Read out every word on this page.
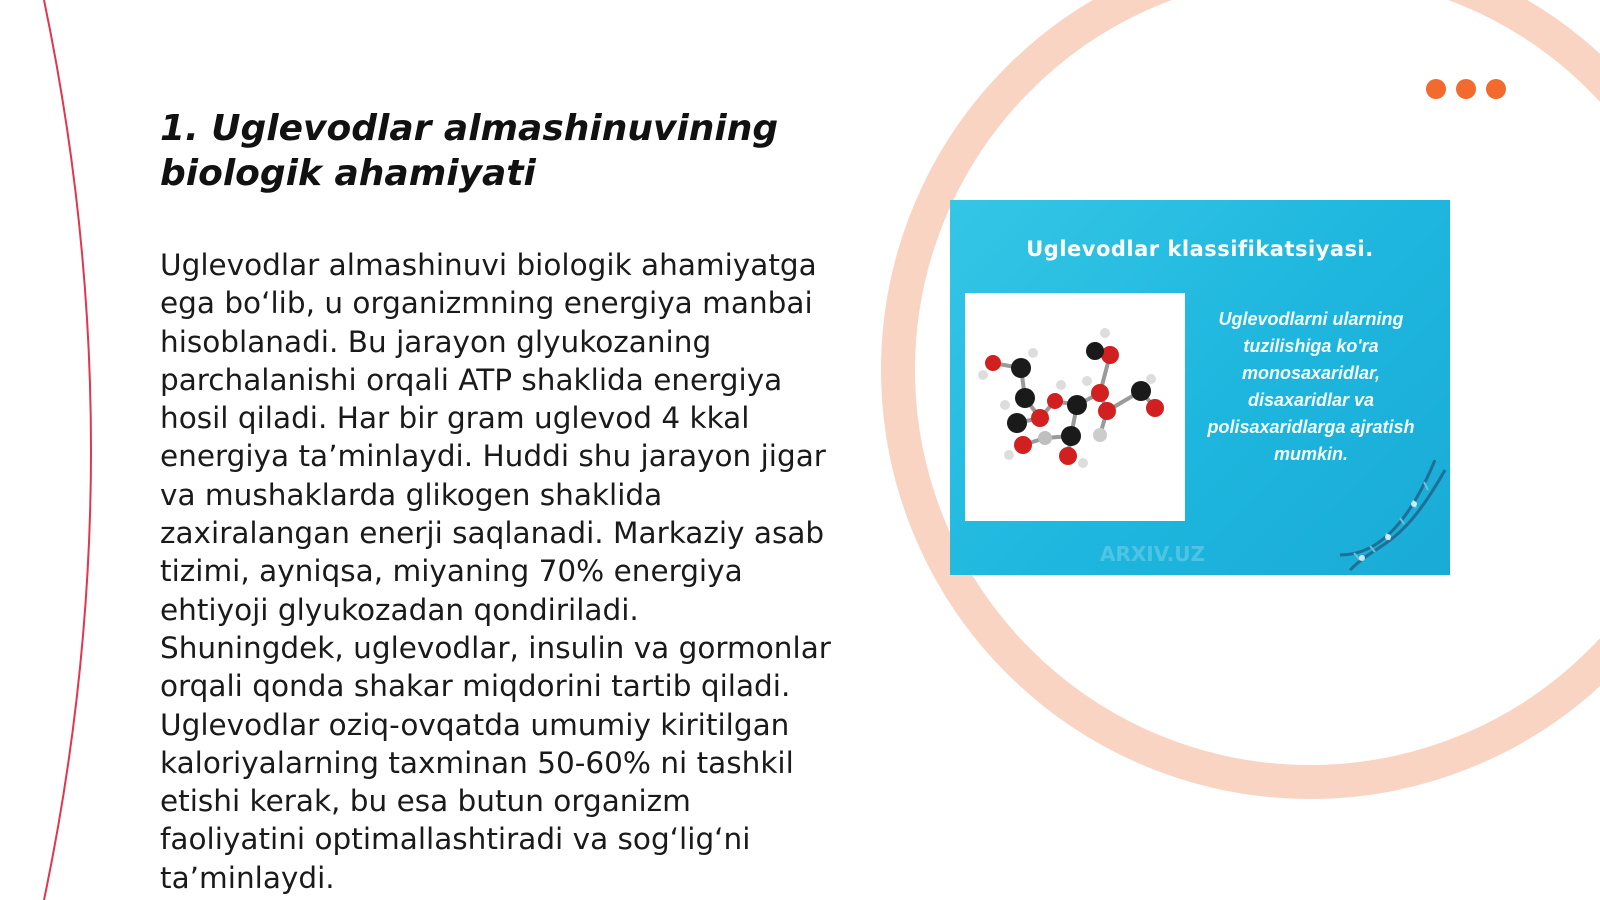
1. Uglevodlar almashinuvining biologik ahamiyati

Uglevodlar almashinuvi biologik ahamiyatga
ega bo‘lib, u organizmning energiya manbai
hisoblanadi. Bu jarayon glyukozaning
parchalanishi orqali ATP shaklida energiya
hosil qiladi. Har bir gram uglevod 4 kkal
energiya ta’minlaydi. Huddi shu jarayon jigar
va mushaklarda glikogen shaklida
zaxiralangan enerji saqlanadi. Markaziy asab
tizimi, ayniqsa, miyaning 70% energiya
ehtiyoji glyukozadan qondiriladi.
Shuningdek, uglevodlar, insulin va gormonlar
orqali qonda shakar miqdorini tartib qiladi.
Uglevodlar oziq-ovqatda umumiy kiritilgan
kaloriyalarning taxminan 50-60% ni tashkil
etishi kerak, bu esa butun organizm
faoliyatini optimallashtiradi va sog‘lig‘ni
ta’minlaydi.

ARXIV.UZ
Uglevodlar klassifikatsiyasi.
Uglevodlarni ularning tuzilishiga ko'ra monosaxaridlar, disaxaridlar va polisaxaridlarga ajratish mumkin.
